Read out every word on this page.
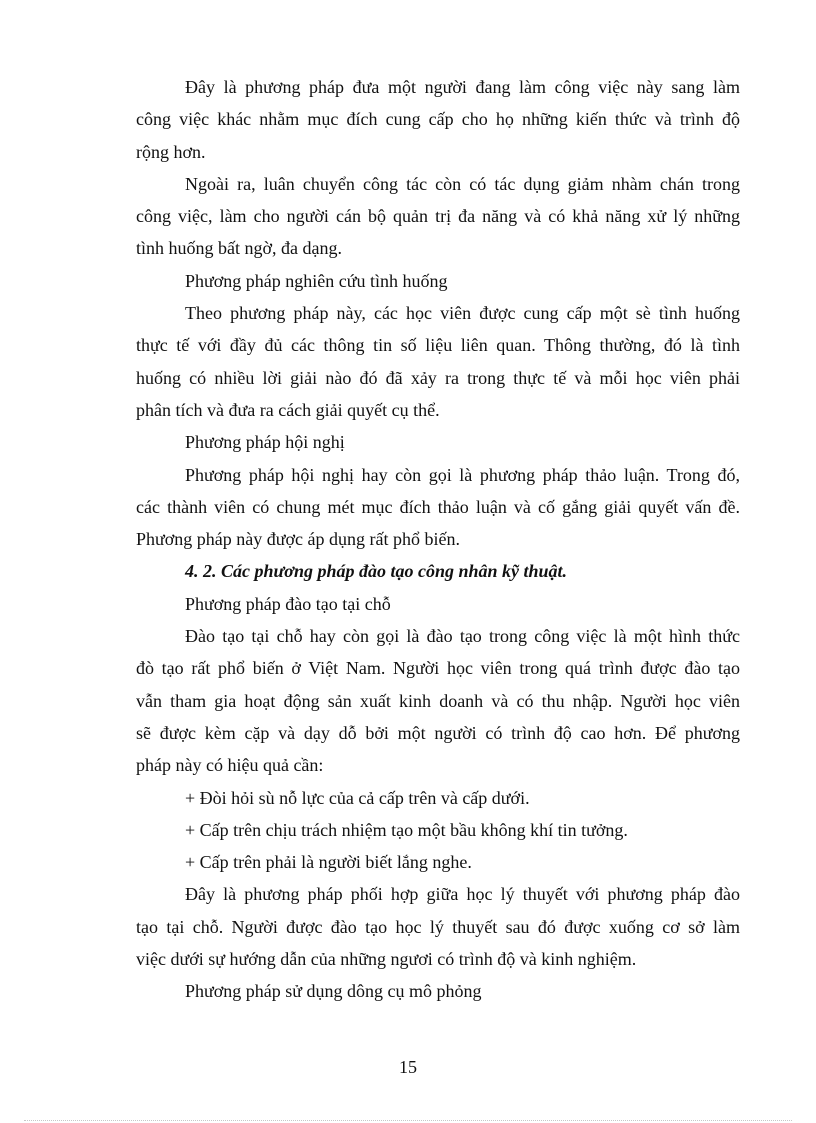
Đây là phương pháp đưa một người đang làm công việc này sang làm
công việc khác nhằm mục đích cung cấp cho họ những kiến thức và trình độ
rộng hơn.
Ngoài ra, luân chuyển công tác còn có tác dụng giảm nhàm chán trong
công việc, làm cho người cán bộ quản trị đa năng và có khả năng xử lý những
tình huống bất ngờ, đa dạng.
Phương pháp nghiên cứu tình huống
Theo phương pháp này, các học viên được cung cấp một sè tình huống
thực tế với đầy đủ các thông tin số liệu liên quan. Thông thường, đó là tình
huống có nhiều lời giải nào đó đã xảy ra trong thực tế và mỗi học viên phải
phân tích và đưa ra cách giải quyết cụ thể.
Phương pháp hội nghị
Phương pháp hội nghị hay còn gọi là phương pháp thảo luận. Trong đó,
các thành viên có chung mét mục đích thảo luận và cố gắng giải quyết vấn đề.
Phương pháp này được áp dụng rất phổ biến.
4. 2. Các phương pháp đào tạo công nhân kỹ thuật.
Phương pháp đào tạo tại chỗ
Đào tạo tại chỗ hay còn gọi là đào tạo trong công việc là một hình thức
đò tạo rất phổ biến ở Việt Nam. Người học viên trong quá trình được đào tạo
vẫn tham gia hoạt động sản xuất kinh doanh và có thu nhập. Người học viên
sẽ được kèm cặp và dạy dỗ bởi một người có trình độ cao hơn. Để phương
pháp này có hiệu quả cần:
+ Đòi hỏi sù nỗ lực của cả cấp trên và cấp dưới.
+ Cấp trên chịu trách nhiệm tạo một bầu không khí tin tưởng.
+ Cấp trên phải là người biết lắng nghe.
Đây là phương pháp phối hợp giữa học lý thuyết với phương pháp đào
tạo tại chỗ. Người được đào tạo học lý thuyết sau đó được xuống cơ sở làm
việc dưới sự hướng dẫn của những ngươi có trình độ và kinh nghiệm.
Phương pháp sử dụng dông cụ mô phỏng
15
